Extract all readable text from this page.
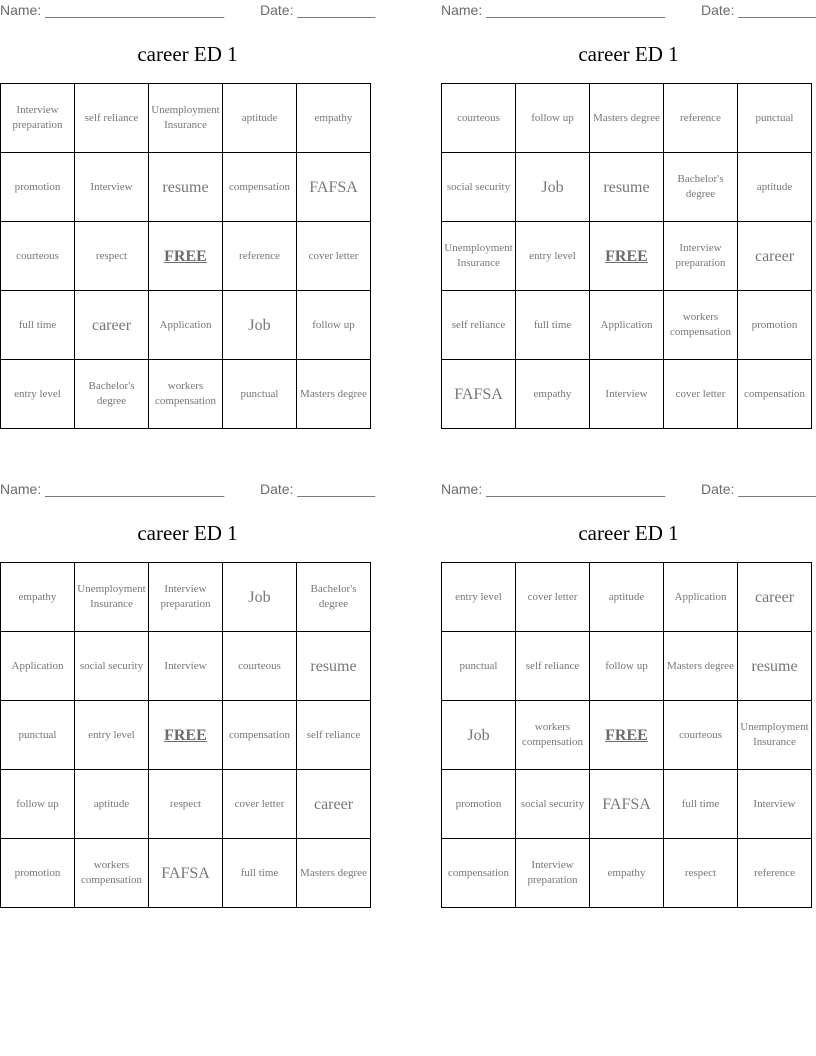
Name: _______________________	Date: __________
career ED 1
Interview preparation	self reliance	Unemployment Insurance	aptitude	empathy
promotion	Interview	resume	compensation	FAFSA
courteous	respect	FREE	reference	cover letter
full time	career	Application	Job	follow up
entry level	Bachelor's degree	workers compensation	punctual	Masters degree
Name: _______________________	Date: __________
career ED 1
courteous	follow up	Masters degree	reference	punctual
social security	Job	resume	Bachelor's degree	aptitude
Unemployment Insurance	entry level	FREE	Interview preparation	career
self reliance	full time	Application	workers compensation	promotion
FAFSA	empathy	Interview	cover letter	compensation
Name: _______________________	Date: __________
career ED 1
empathy	Unemployment Insurance	Interview preparation	Job	Bachelor's degree
Application	social security	Interview	courteous	resume
punctual	entry level	FREE	compensation	self reliance
follow up	aptitude	respect	cover letter	career
promotion	workers compensation	FAFSA	full time	Masters degree
Name: _______________________	Date: __________
career ED 1
entry level	cover letter	aptitude	Application	career
punctual	self reliance	follow up	Masters degree	resume
Job	workers compensation	FREE	courteous	Unemployment Insurance
promotion	social security	FAFSA	full time	Interview
compensation	Interview preparation	empathy	respect	reference
